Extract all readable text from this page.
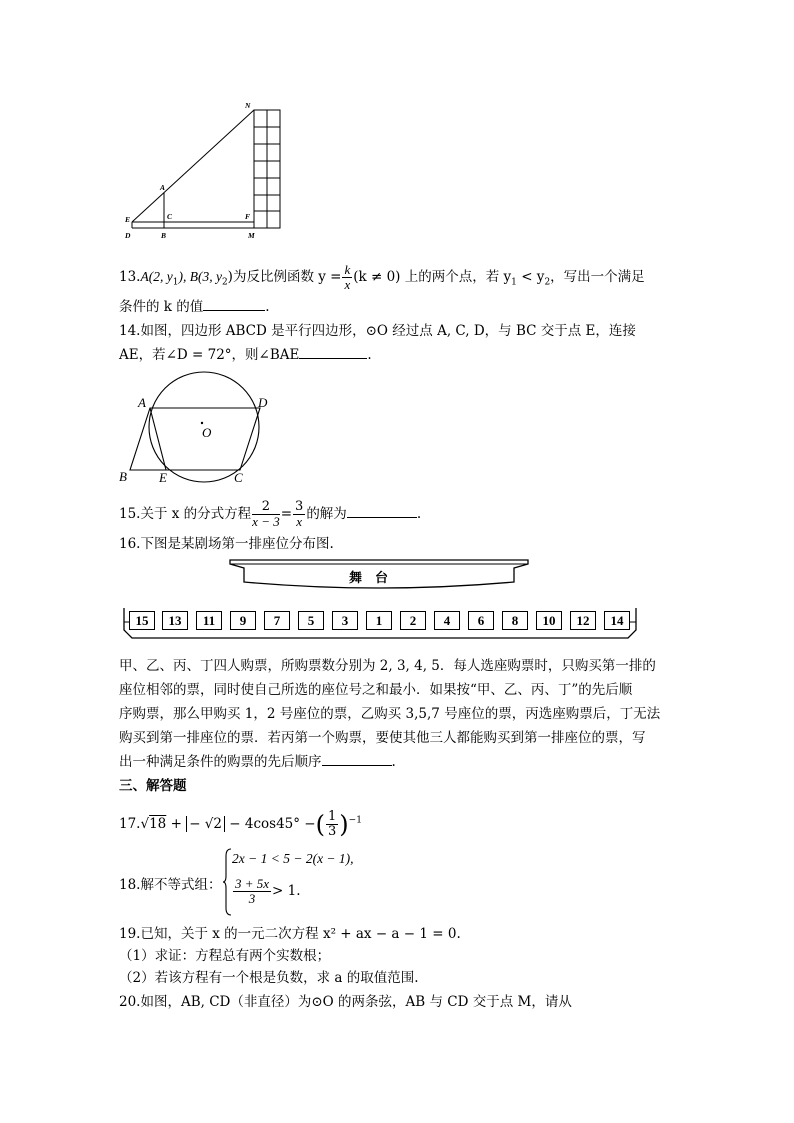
N
A
E	C	F
D	B	M
13.A(2, $y_1$), B(3, $y_2$)为反比例函数 $y = \frac{k}{x} (k \ne 0)$ 上的两个点，若 $y_1 < y_2$，写出一个满足
条件的 k 的值	.
14.如图，四边形 ABCD 是平行四边形，⊙O 经过点 A, C, D，与 BC 交于点 E，连接
AE，若∠D = 72°，则∠BAE	.
A	D
O
B E	C
15.关于 x 的分式方程 $\frac{2}{x - 3} = \frac{3}{x}$ 的解为	.
16.下图是某剧场第一排座位分布图.
舞　台
15	13	11	9	7	5	3	1	2	4	6	8	10	12	14
甲、乙、丙、丁四人购票，所购票数分别为 2, 3, 4, 5．每人选座购票时，只购买第一排的
座位相邻的票，同时使自己所选的座位号之和最小．如果按“甲、乙、丙、丁”的先后顺
序购票，那么甲购买 1，2 号座位的票，乙购买 3,5,7 号座位的票，丙选座购票后，丁无法
购买到第一排座位的票．若丙第一个购票，要使其他三人都能购买到第一排座位的票，写
出一种满足条件的购票的先后顺序	.
三、解答题
17.√18 + − √2 − 4cos45° −( $\frac{1}{3} )^{-1}$
18.解不等式组：
2x − 1 < 5 − 2(x − 1),
$\frac{3 + 5x}{3} > 1$.
19.已知，关于 x 的一元二次方程 x² + ax − a − 1 = 0.
（1）求证：方程总有两个实数根；
（2）若该方程有一个根是负数，求 a 的取值范围.
20.如图，AB, CD（非直径）为⊙O 的两条弦，AB 与 CD 交于点 M，请从
